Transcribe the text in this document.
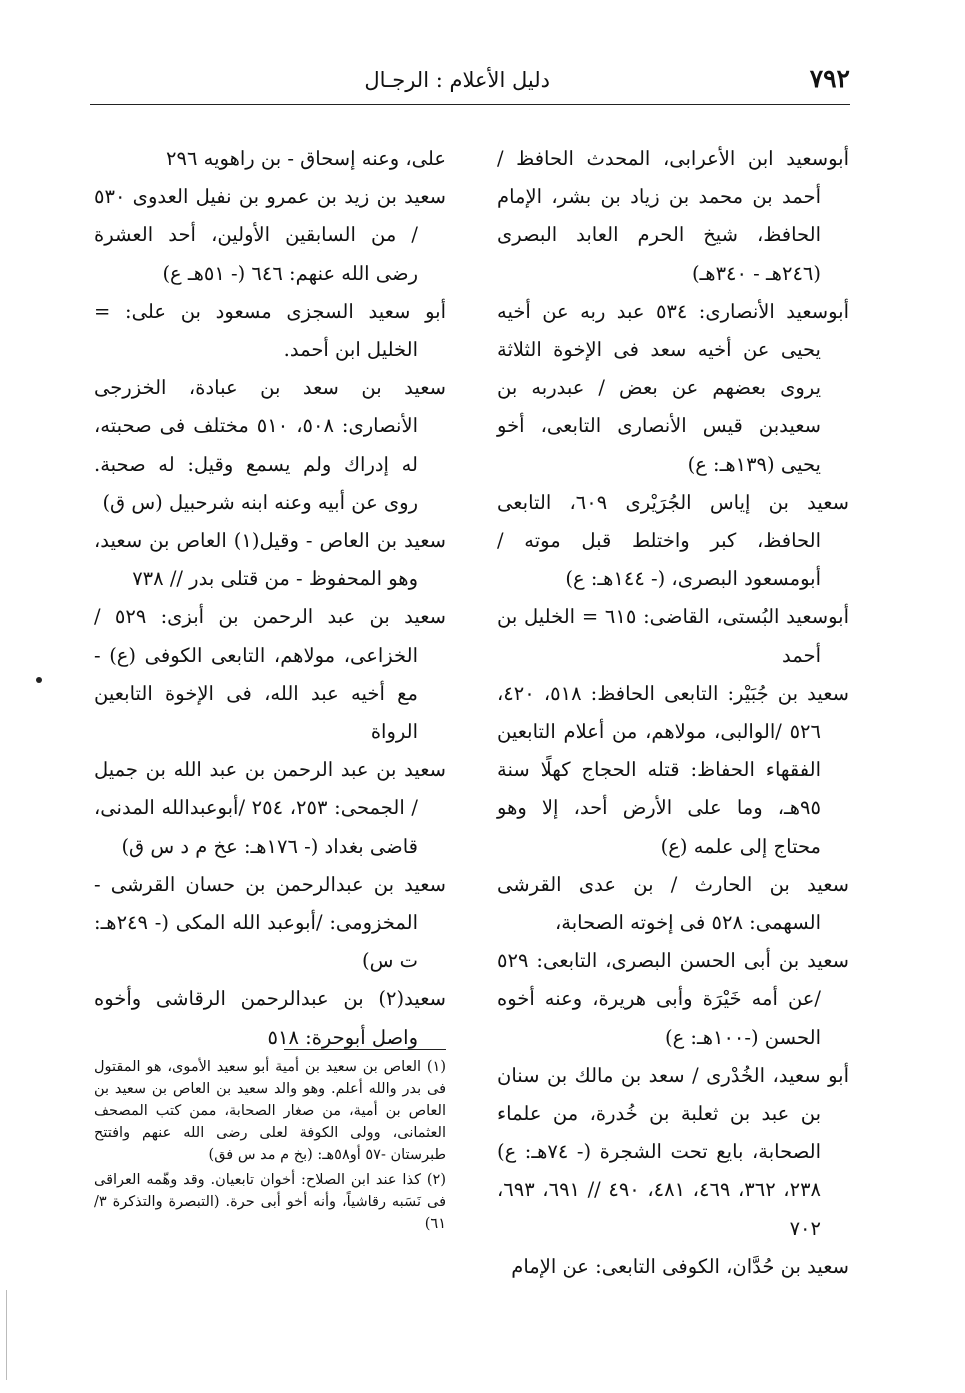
٧٩٢
دليل الأعلام : الرجـال
أبوسعيد ابن الأعرابى، المحدث الحافظ /أحمد بن محمد بن زياد بن بشر، الإمام الحافظ، شيخ الحرم العابد البصرى (٢٤٦هـ - ٣٤٠هـ)
أبوسعيد الأنصارى: ٥٣٤ عبد ربه عن أخيه يحيى عن أخيه سعد فى الإخوة الثلاثة يروى بعضهم عن بعض / عبدربه بن سعيدبن قيس الأنصارى التابعى، أخو يحيى (١٣٩هـ: ع)
سعيد بن إياس الجُرَيْرى ٦٠٩، التابعى الحافظ، كبر واختلط قبل موته /أبومسعود البصرى، (- ١٤٤هـ: ع)
أبوسعيد البُستى، القاضى: ٦١٥ = الخليل بن أحمد
سعيد بن جُبَيْر: التابعى الحافظ: ٥١٨، ٤٢٠، ٥٢٦ /الوالبى، مولاهم، من أعلام التابعين الفقهاء الحفاظ: قتله الحجاج كهلًا سنة ٩٥هـ، وما على الأرض أحد، إلا وهو محتاج إلى علمه (ع)
سعيد بن الحارث / بن عدى القرشى السهمى: ٥٢٨ فى إخوته الصحابة،
سعيد بن أبى الحسن البصرى، التابعى: ٥٢٩ /عن أمه خَيْرَة وأبى هريرة، وعنه أخوه الحسن (-١٠٠هـ: ع)
أبو سعيد، الخُدْرى / سعد بن مالك بن سنان بن عبد بن ثعلبة بن خُدرة، من علماء الصحابة، بايع تحت الشجرة (- ٧٤هـ: ع) ٢٣٨، ٣٦٢، ٤٦٩، ٤٨١، ٤٩٠ // ٦٩١، ٦٩٣، ٧٠٢
سعيد بن حُدَّان، الكوفى التابعى: عن الإمام
على، وعنه إسحاق - بن راهويه ٢٩٦
سعيد بن زيد بن عمرو بن نفيل العدوى ٥٣٠ / من السابقين الأولين، أحد العشرة رضى الله عنهم: ٦٤٦ (- ٥١هـ ع)
أبو سعيد السجزى مسعود بن على: = الخليل ابن أحمد.
سعيد بن سعد بن عبادة، الخزرجى الأنصارى: ٥٠٨، ٥١٠ مختلف فى صحبته، له إدراك ولم يسمع وقيل: له صحبة. روى عن أبيه وعنه ابنه شرحبيل (س ق)
سعيد بن العاص - وقيل(١) العاص بن سعيد، وهو المحفوظ - من قتلى بدر // ٧٣٨
سعيد بن عبد الرحمن بن أبزى: ٥٢٩ / الخزاعى، مولاهم، التابعى الكوفى (ع) - مع أخيه عبد الله، فى الإخوة التابعين الرواة
سعيد بن عبد الرحمن بن عبد الله بن جميل / الجمحى: ٢٥٣، ٢٥٤ /أبوعبدالله المدنى، قاضى بغداد (- ١٧٦هـ: عخ م د س ق)
سعيد بن عبدالرحمن بن حسان القرشى - المخزومى: /أبوعبد الله المكى (- ٢٤٩هـ: ت س)
سعيد(٢) بن عبدالرحمن الرقاشى وأخوه واصل أبوحرة: ٥١٨

(١) العاص بن سعيد بن أمية أبو سعيد الأموى، هو المقتول فى بدر والله أعلم. وهو والد سعيد بن العاص بن سعيد بن العاص بن أمية، من صغار الصحابة، ممن كتب المصحف العثمانى، وولى الكوفة لعلى رضى الله عنهم وافتتح طبرستان -٥٧ أو٥٨هـ: (بخ م مد س فق)

(٢) كذا عند ابن الصلاح: أخوان تابعيان. وقد وهّمه العراقى فى نَسَبه رقاشياً، وأنه أخو أبى حرة. (التبصرة والتذكرة ٣/ ٦١)
